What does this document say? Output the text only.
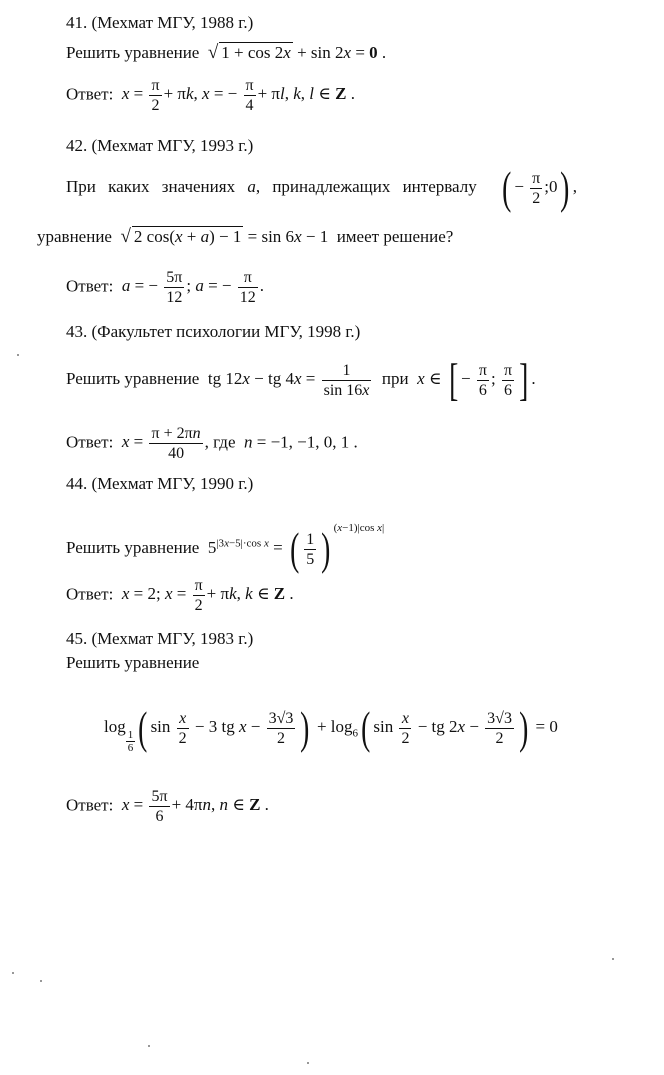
41. (Мехмат МГУ, 1988 г.)
Решить уравнение √ 1 + cos 2x + sin 2x = 0 .
Ответ: $x = \frac{\pi}{2} + \pi k$, x = − $\frac{\pi}{4} + \pi l$, k, l ∈ Z .
42. (Мехмат МГУ, 1993 г.)
При каких значениях a, принадлежащих интервалу ( − $\frac{\pi}{2}$ ;0) ,
уравнение √ 2 cos(x + a) − 1 = sin 6x − 1 имеет решение?
Ответ: a = − $\frac{5\pi}{12}$ ; a = − $\frac{\pi}{12}$ .
43. (Факультет психологии МГУ, 1998 г.)
Решить уравнение tg 12x − tg $4x = \frac{1}{\sin 16x}$ при x ∈ [ − $\frac{\pi}{6}$ ; $\frac{\pi}{6}$ ] .
Ответ: $x = \frac{\pi + 2\pi n}{40}$ , где n = −1, −1, 0, 1 .
44. (Мехмат МГУ, 1990 г.)
Решить уравнение $5^{|3x-5|\cdot cos x}$ = ( $\frac{1}{5}$ ) $^{(x-1)|cos x|}$
Ответ: x = 2; $x = \frac{\pi}{2} + \pi k$, k ∈ Z .
45. (Мехмат МГУ, 1983 г.)
Решить уравнение
log
$_{\frac{1}{6}}$ ( $\sin \frac{x}{2} - 3$ tg $x - \frac{3√3}{2}$ ) + $\log_6$( $\sin \frac{x}{2}$ − tg $2x - \frac{3√3}{2}$ ) = 0
Ответ: $x = \frac{5\pi}{6} + 4\pi n$, n ∈ Z .
